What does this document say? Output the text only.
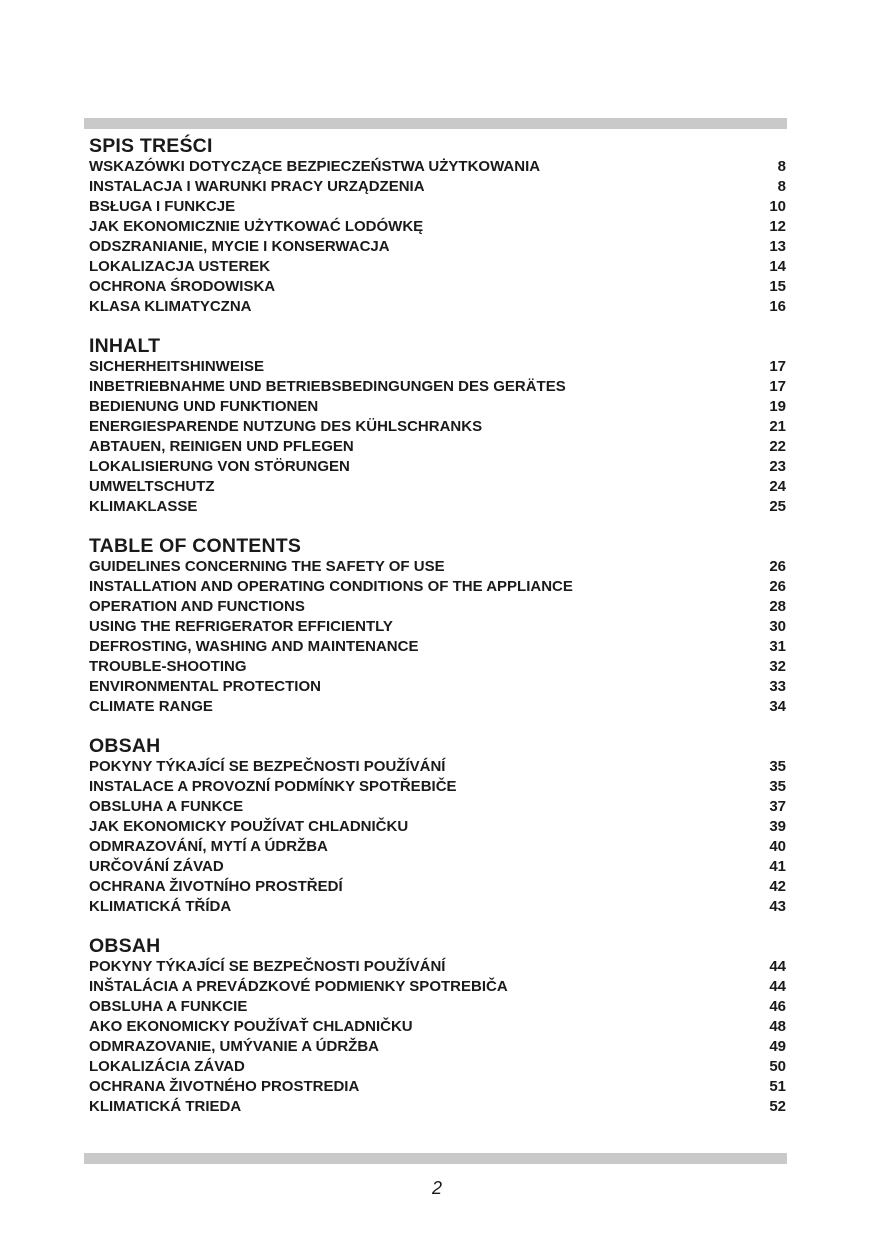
SPIS TREŚCI
WSKAZÓWKI DOTYCZĄCE BEZPIECZEŃSTWA UŻYTKOWANIA	8
INSTALACJA I WARUNKI PRACY URZĄDZENIA	8
BSŁUGA I FUNKCJE	10
JAK EKONOMICZNIE UŻYTKOWAĆ LODÓWKĘ	12
ODSZRANIANIE, MYCIE I KONSERWACJA	13
LOKALIZACJA USTEREK	14
OCHRONA ŚRODOWISKA	15
KLASA KLIMATYCZNA	16
INHALT
SICHERHEITSHINWEISE	17
INBETRIEBNAHME UND BETRIEBSBEDINGUNGEN DES GERÄTES	17
BEDIENUNG UND FUNKTIONEN	19
ENERGIESPARENDE NUTZUNG DES KÜHLSCHRANKS	21
ABTAUEN, REINIGEN UND PFLEGEN	22
LOKALISIERUNG VON STÖRUNGEN	23
UMWELTSCHUTZ	24
KLIMAKLASSE	25
TABLE OF CONTENTS
GUIDELINES CONCERNING THE SAFETY OF USE	26
INSTALLATION AND OPERATING CONDITIONS OF THE APPLIANCE	26
OPERATION AND FUNCTIONS	28
USING THE REFRIGERATOR EFFICIENTLY	30
DEFROSTING, WASHING AND MAINTENANCE	31
TROUBLE-SHOOTING	32
ENVIRONMENTAL PROTECTION	33
CLIMATE RANGE	34
OBSAH
POKYNY TÝKAJÍCÍ SE BEZPEČNOSTI POUŽÍVÁNÍ	35
INSTALACE A PROVOZNÍ PODMÍNKY SPOTŘEBIČE	35
OBSLUHA A FUNKCE	37
JAK EKONOMICKY POUŽÍVAT CHLADNIČKU	39
ODMRAZOVÁNÍ, MYTÍ A ÚDRŽBA	40
URČOVÁNÍ ZÁVAD	41
OCHRANA ŽIVOTNÍHO PROSTŘEDÍ	42
KLIMATICKÁ TŘÍDA	43
OBSAH
POKYNY TÝKAJÍCÍ SE BEZPEČNOSTI POUŽÍVÁNÍ	44
INŠTALÁCIA A PREVÁDZKOVÉ PODMIENKY SPOTREBIČA	44
OBSLUHA A FUNKCIE	46
AKO EKONOMICKY POUŽÍVAŤ CHLADNIČKU	48
ODMRAZOVANIE, UMÝVANIE A ÚDRŽBA	49
LOKALIZÁCIA ZÁVAD	50
OCHRANA ŽIVOTNÉHO PROSTREDIA	51
KLIMATICKÁ TRIEDA	52
2
